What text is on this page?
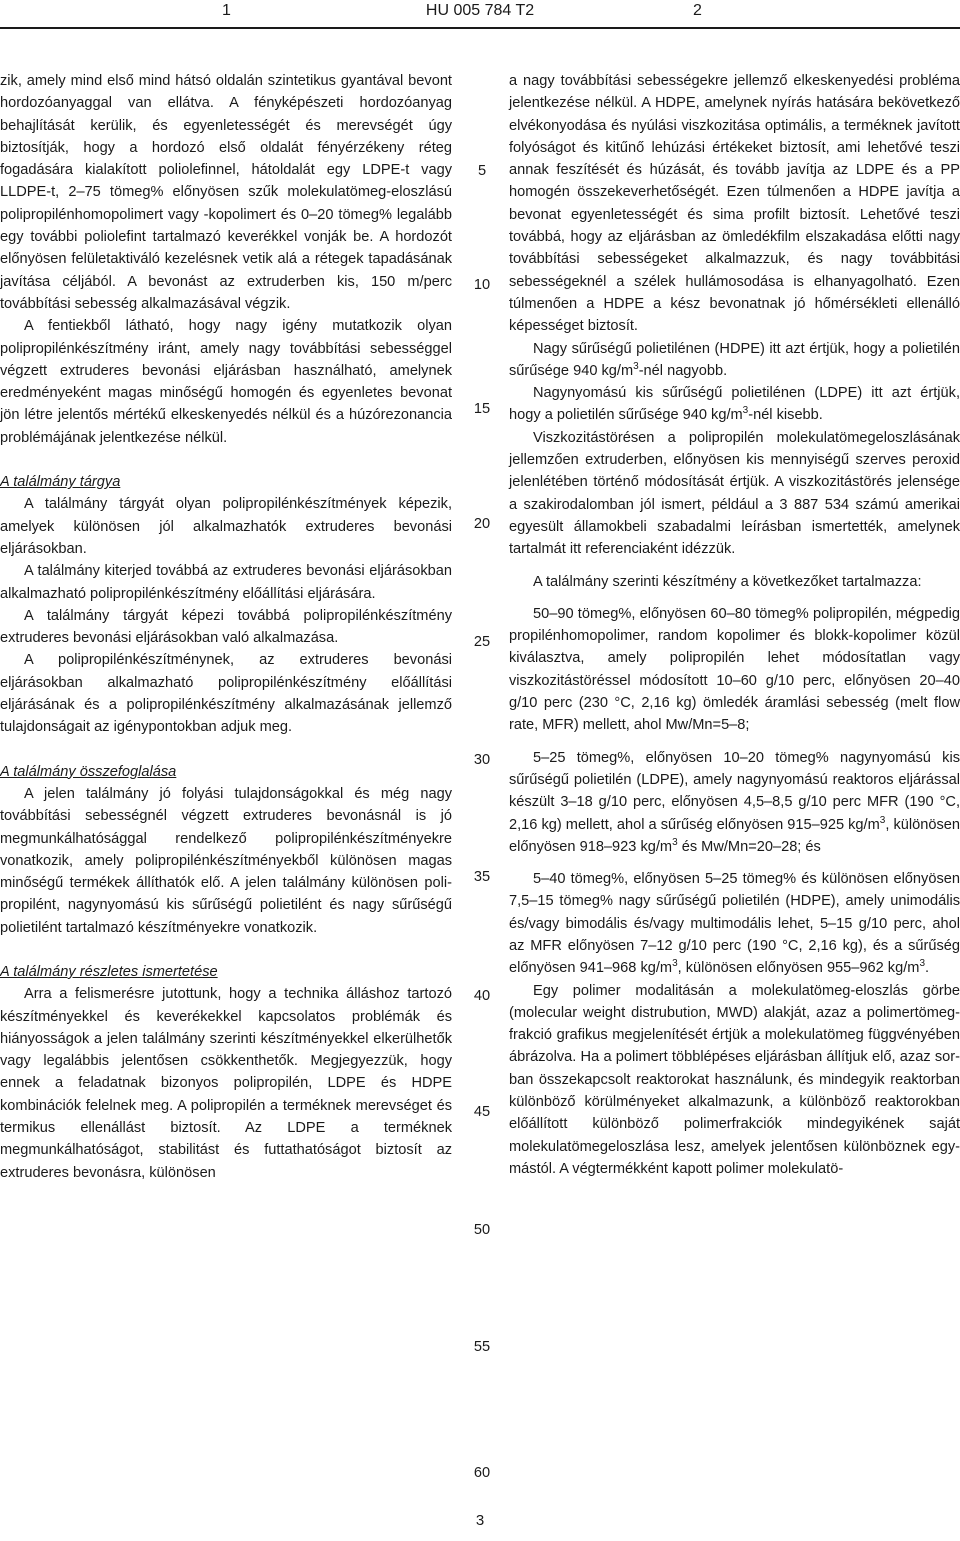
1	HU 005 784 T2	2

zik, amely mind első mind hátsó oldalán szintetikus gyantával bevont hordozóanyaggal van ellátva. A fényképészeti hordozóanyag behajlítását kerülik, és egyenletességét és merevségét úgy biztosítják, hogy a hordozó első oldalát fényérzékeny réteg fogadására kialakított poliolefinnel, hátoldalát egy LDPE-t vagy LLDPE-t, 2–75 tömeg% előnyösen szűk molekulatömeg-eloszlású polipropilénhomopolimert vagy -kopolimert és 0–20 tömeg% legalább egy további poliolefint tartalmazó keverékkel vonják be. A hordozót előnyösen felületaktiváló kezelésnek vetik alá a rétegek tapadásának javítása céljából. A bevonást az extruderben kis, 150 m/perc továbbítási sebesség alkalmazásával végzik.

A fentiekből látható, hogy nagy igény mutatkozik olyan polipropilénkészítmény iránt, amely nagy továbbítási sebességgel végzett extruderes bevonási eljárásban használható, amelynek eredményeként magas minőségű homogén és egyenletes bevonat jön létre jelentős mértékű elkeskenyedés nélkül és a húzórezonancia problémájának jelentkezése nélkül.

A találmány tárgya

A találmány tárgyát olyan polipropilénkészítmények képezik, amelyek különösen jól alkalmazhatók extruderes bevonási eljárásokban.

A találmány kiterjed továbbá az extruderes bevonási eljárásokban alkalmazható polipropilénkészítmény előállítási eljárására.

A találmány tárgyát képezi továbbá polipropilénkészítmény extruderes bevonási eljárásokban való alkalmazása.

A polipropilénkészítménynek, az extruderes bevonási eljárásokban alkalmazható polipropilénkészítmény előállítási eljárásának és a polipropilénkészítmény alkalmazásának jellemző tulajdonságait az igénypontokban adjuk meg.

A találmány összefoglalása

A jelen találmány jó folyási tulajdonságokkal és még nagy továbbítási sebességnél végzett extruderes bevonásnál is jó megmunkálhatósággal rendelkező polipropilénkészítményekre vonatkozik, amely polipropilénkészítményekből különösen magas minőségű termékek állíthatók elő. A jelen találmány különösen polipropilént, nagynyomású kis sűrűségű polietilént és nagy sűrűségű polietilént tartalmazó készítményekre vonatkozik.

A találmány részletes ismertetése

Arra a felismerésre jutottunk, hogy a technika álláshoz tartozó készítményekkel és keverékekkel kapcsolatos problémák és hiányosságok a jelen találmány szerinti készítményekkel elkerülhetők vagy legalábbis jelentősen csökkenthetők. Megjegyezzük, hogy ennek a feladatnak bizonyos polipropilén, LDPE és HDPE kombinációk felelnek meg. A polipropilén a terméknek merevséget és termikus ellenállást biztosít. Az LDPE a terméknek megmunkálhatóságot, stabilitást és futtathatóságot biztosít az extruderes bevonásra, különösen

5
10
15
20
25
30
35
40
45
50
55
60

a nagy továbbítási sebességekre jellemző elkeskenyedési probléma jelentkezése nélkül. A HDPE, amelynek nyírás hatására bekövetkező elvékonyodása és nyúlási viszkozitása optimális, a terméknek javított folyóságot és kitűnő lehúzási értékeket biztosít, ami lehetővé teszi annak feszítését és húzását, és tovább javítja az LDPE és a PP homogén összekeverhetőségét. Ezen túlmenően a HDPE javítja a bevonat egyenletességét és sima profilt biztosít. Lehetővé teszi továbbá, hogy az eljárásban az ömledékfilm elszakadása előtti nagy továbbítási sebességeket alkalmazzuk, és nagy továbbitási sebességeknél a szélek hullámosodása is elhanyagolható. Ezen túlmenően a HDPE a kész bevonatnak jó hőmérsékleti ellenálló képességet biztosít.

Nagy sűrűségű polietilénen (HDPE) itt azt értjük, hogy a polietilén sűrűsége 940 $kg/m^3$-nél nagyobb.

Nagynyomású kis sűrűségű polietilénen (LDPE) itt azt értjük, hogy a polietilén sűrűsége 940 $kg/m^3$-nél kisebb.

Viszkozitástörésen a polipropilén molekulatömegeloszlásának jellemzően extruderben, előnyösen kis mennyiségű szerves peroxid jelenlétében történő módosítását értjük. A viszkozitástörés jelensége a szakirodalomban jól ismert, például a 3 887 534 számú amerikai egyesült államokbeli szabadalmi leírásban ismertették, amelynek tartalmát itt referenciaként idézzük.

A találmány szerinti készítmény a következőket tartalmazza:

50–90 tömeg%, előnyösen 60–80 tömeg% polipropilén, mégpedig propilénhomopolimer, random kopolimer és blokk-kopolimer közül kiválasztva, amely polipropilén lehet módosítatlan vagy viszkozitástöréssel módosított 10–60 g/10 perc, előnyösen 20–40 g/10 perc (230 °C, 2,16 kg) ömledék áramlási sebesség (melt flow rate, MFR) mellett, ahol Mw/Mn=5–8;

5–25 tömeg%, előnyösen 10–20 tömeg% nagynyomású kis sűrűségű polietilén (LDPE), amely nagynyomású reaktoros eljárással készült 3–18 g/10 perc, előnyösen 4,5–8,5 g/10 perc MFR (190 °C, 2,16 kg) mellett, ahol a sűrűség előnyösen 915–925 $kg/m^3$, különösen előnyösen 918–923 $kg/m^3$ és Mw/Mn=20–28; és

5–40 tömeg%, előnyösen 5–25 tömeg% és különösen előnyösen 7,5–15 tömeg% nagy sűrűségű polietilén (HDPE), amely unimodális és/vagy bimodális és/vagy multimodális lehet, 5–15 g/10 perc, ahol az MFR előnyösen 7–12 g/10 perc (190 °C, 2,16 kg), és a sűrűség előnyösen 941–968 $kg/m^3$, különösen előnyösen 955–962 $kg/m^3$.

Egy polimer modalitásán a molekulatömeg-eloszlás görbe (molecular weight distrubution, MWD) alakját, azaz a polimertömeg-frakció grafikus megjelenítését értjük a molekulatömeg függvényében ábrázolva. Ha a polimert többlépéses eljárásban állítjuk elő, azaz sorban összekapcsolt reaktorokat használunk, és mindegyik reaktorban különböző körülményeket alkalmazunk, a különböző reaktorokban előállított különböző polimerfrakciók mindegyikének saját molekulatömegeloszlása lesz, amelyek jelentősen különböznek egymástól. A végtermékként kapott polimer molekulatö-

3
